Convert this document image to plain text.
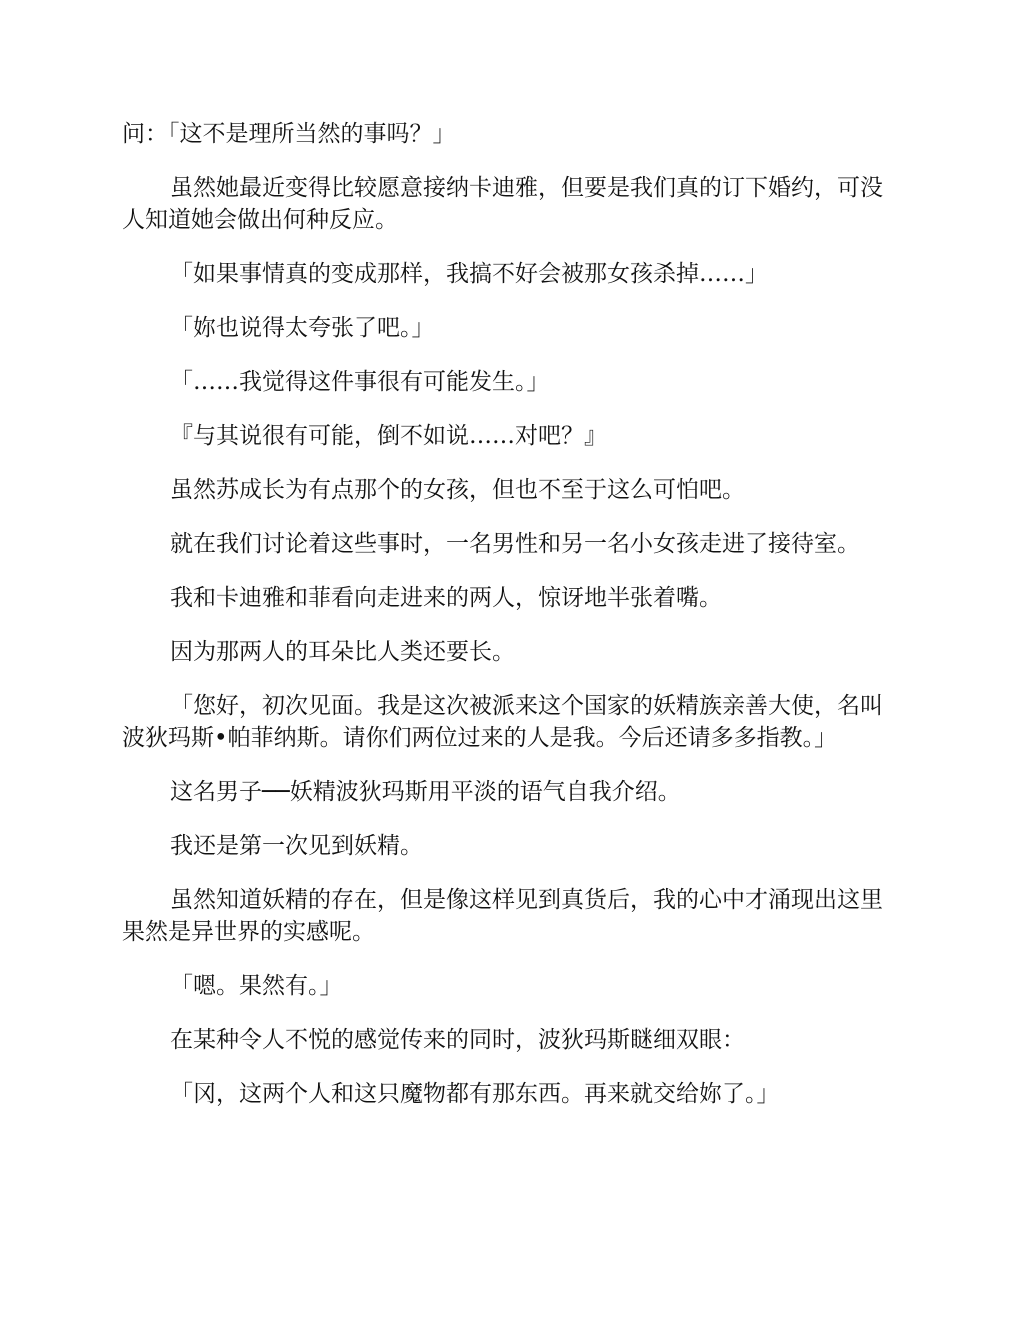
问：「这不是理所当然的事吗？」

虽然她最近变得比较愿意接纳卡迪雅，但要是我们真的订下婚约，可没人知道她会做出何种反应。

「如果事情真的变成那样，我搞不好会被那女孩杀掉……」

「妳也说得太夸张了吧。」

「……我觉得这件事很有可能发生。」

『与其说很有可能，倒不如说……对吧？』

虽然苏成长为有点那个的女孩，但也不至于这么可怕吧。

就在我们讨论着这些事时，一名男性和另一名小女孩走进了接待室。

我和卡迪雅和菲看向走进来的两人，惊讶地半张着嘴。

因为那两人的耳朵比人类还要长。

「您好，初次见面。我是这次被派来这个国家的妖精族亲善大使，名叫波狄玛斯•帕菲纳斯。请你们两位过来的人是我。今后还请多多指教。」

这名男子──妖精波狄玛斯用平淡的语气自我介绍。

我还是第一次见到妖精。

虽然知道妖精的存在，但是像这样见到真货后，我的心中才涌现出这里果然是异世界的实感呢。

「嗯。果然有。」

在某种令人不悦的感觉传来的同时，波狄玛斯瞇细双眼：

「冈，这两个人和这只魔物都有那东西。再来就交给妳了。」
